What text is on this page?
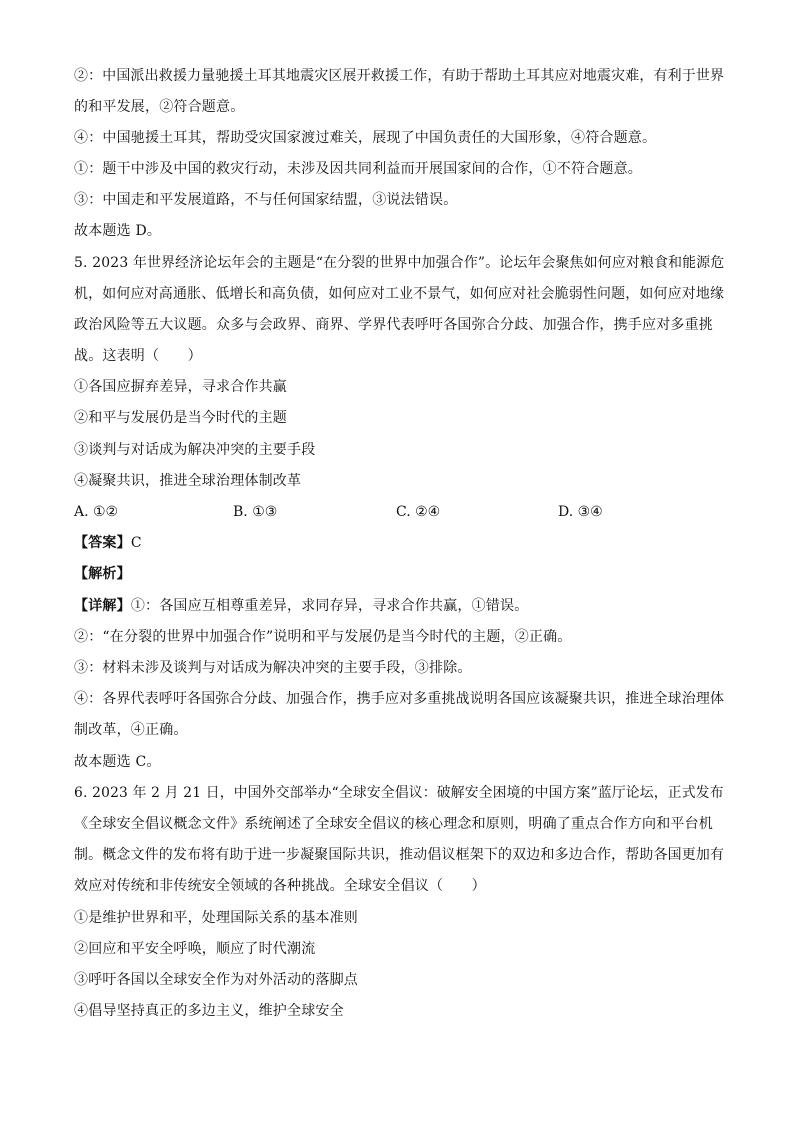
②：中国派出救援力量驰援土耳其地震灾区展开救援工作，有助于帮助土耳其应对地震灾难，有利于世界
的和平发展，②符合题意。
④：中国驰援土耳其，帮助受灾国家渡过难关，展现了中国负责任的大国形象，④符合题意。
①：题干中涉及中国的救灾行动，未涉及因共同利益而开展国家间的合作，①不符合题意。
③：中国走和平发展道路，不与任何国家结盟，③说法错误。
故本题选 D。
5. 2023 年世界经济论坛年会的主题是“在分裂的世界中加强合作”。论坛年会聚焦如何应对粮食和能源危
机，如何应对高通胀、低增长和高负债，如何应对工业不景气，如何应对社会脆弱性问题，如何应对地缘
政治风险等五大议题。众多与会政界、商界、学界代表呼吁各国弥合分歧、加强合作，携手应对多重挑
战。这表明（　　）
①各国应摒弃差异，寻求合作共赢
②和平与发展仍是当今时代的主题
③谈判与对话成为解决冲突的主要手段
④凝聚共识，推进全球治理体制改革
A. ①②	B. ①③	C. ②④	D. ③④
【答案】C
【解析】
【详解】①：各国应互相尊重差异，求同存异，寻求合作共赢，①错误。
②：“在分裂的世界中加强合作”说明和平与发展仍是当今时代的主题，②正确。
③：材料未涉及谈判与对话成为解决冲突的主要手段，③排除。
④：各界代表呼吁各国弥合分歧、加强合作，携手应对多重挑战说明各国应该凝聚共识，推进全球治理体
制改革，④正确。
故本题选 C。
6. 2023 年 2 月 21 日，中国外交部举办“全球安全倡议：破解安全困境的中国方案”蓝厅论坛，正式发布
《全球安全倡议概念文件》系统阐述了全球安全倡议的核心理念和原则，明确了重点合作方向和平台机
制。概念文件的发布将有助于进一步凝聚国际共识，推动倡议框架下的双边和多边合作，帮助各国更加有
效应对传统和非传统安全领域的各种挑战。全球安全倡议（　　）
①是维护世界和平，处理国际关系的基本准则
②回应和平安全呼唤，顺应了时代潮流
③呼吁各国以全球安全作为对外活动的落脚点
④倡导坚持真正的多边主义，维护全球安全
